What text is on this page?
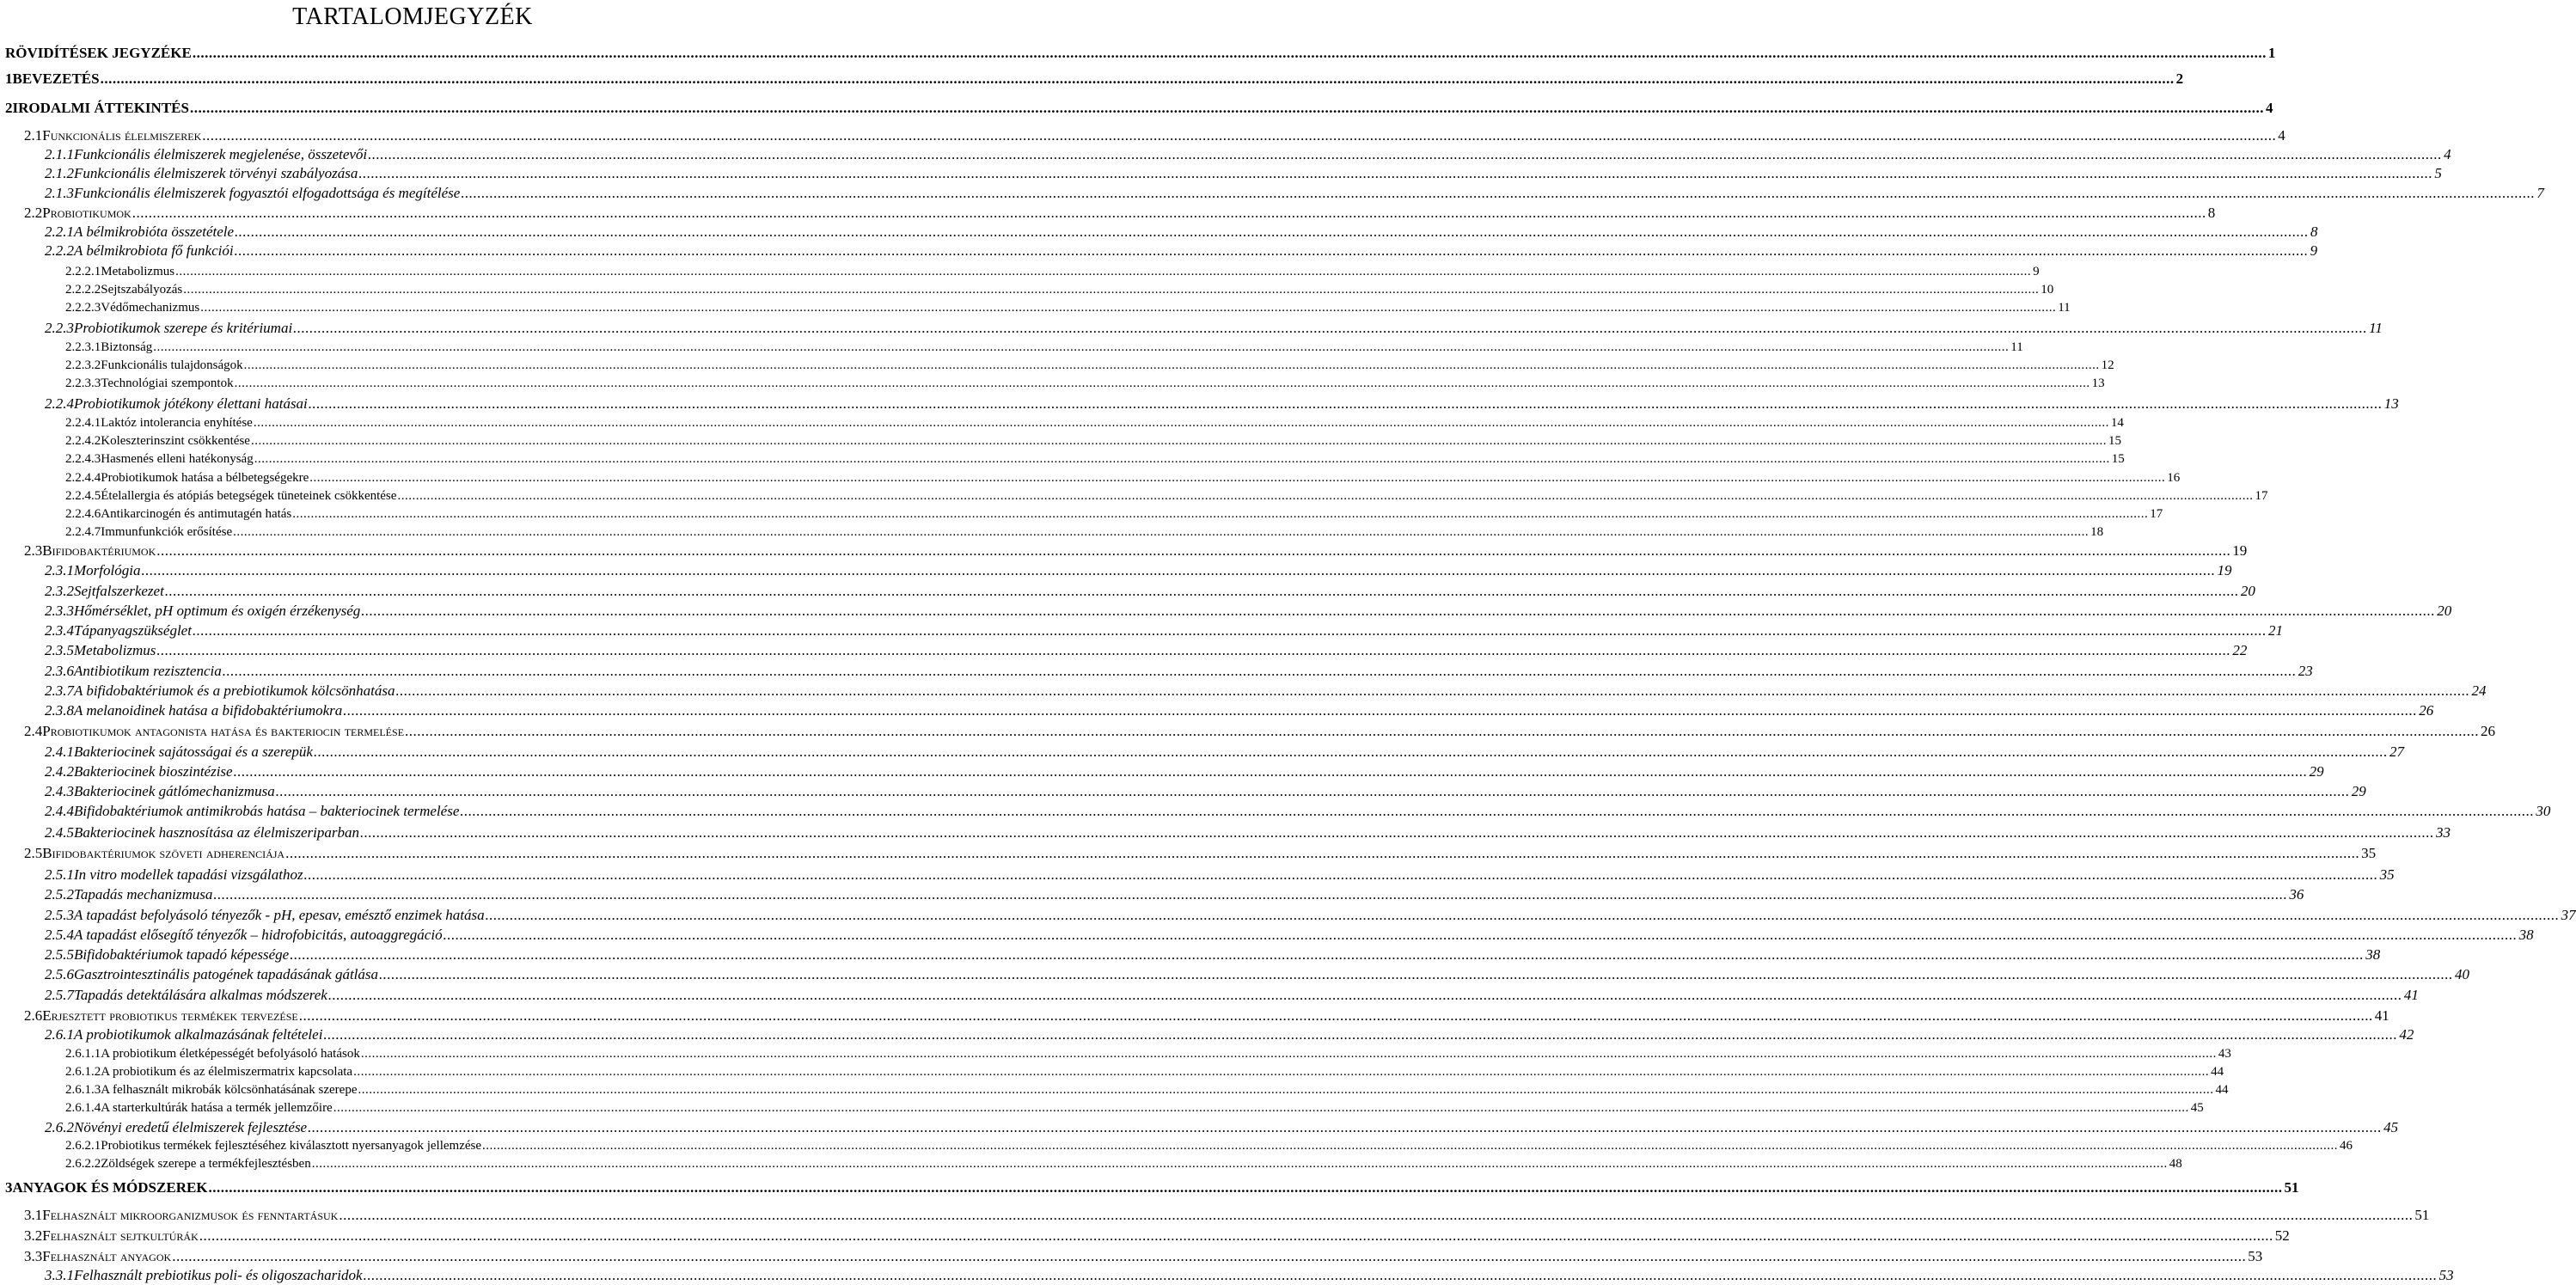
TARTALOMJEGYZÉK
RÖVIDÍTÉSEK JEGYZÉKE .....	1
1 BEVEZETÉS .....	2
2 IRODALMI ÁTTEKINTÉS .....	4
2.1 Funkcionális élelmiszerek .....	4
2.1.1 Funkcionális élelmiszerek megjelenése, összetevői .....	4
2.1.2 Funkcionális élelmiszerek törvényi szabályozása .....	5
2.1.3 Funkcionális élelmiszerek fogyasztói elfogadottsága és megítélése .....	7
2.2 Probiotikumok .....	8
2.2.1 A bélmikrobióta összetétele .....	8
2.2.2 A bélmikrobiota fő funkciói .....	9
2.2.2.1 Metabolizmus .....	9
2.2.2.2 Sejtszabályozás .....	10
2.2.2.3 Védőmechanizmus .....	11
2.2.3 Probiotikumok szerepe és kritériumai .....	11
2.2.3.1 Biztonság .....	11
2.2.3.2 Funkcionális tulajdonságok .....	12
2.2.3.3 Technológiai szempontok .....	13
2.2.4 Probiotikumok jótékony élettani hatásai .....	13
2.2.4.1 Laktóz intolerancia enyhítése .....	14
2.2.4.2 Koleszterinszint csökkentése .....	15
2.2.4.3 Hasmenés elleni hatékonyság .....	15
2.2.4.4 Probiotikumok hatása a bélbetegségekre .....	16
2.2.4.5 Ételallergia és atópiás betegségek tüneteinek csökkentése .....	17
2.2.4.6 Antikarcinogén és antimutagén hatás .....	17
2.2.4.7 Immunfunkciók erősítése .....	18
2.3 Bifidobaktériumok .....	19
2.3.1 Morfológia .....	19
2.3.2 Sejtfalszerkezet .....	20
2.3.3 Hőmérséklet, pH optimum és oxigén érzékenység .....	20
2.3.4 Tápanyagszükséglet .....	21
2.3.5 Metabolizmus .....	22
2.3.6 Antibiotikum rezisztencia .....	23
2.3.7 A bifidobaktériumok és a prebiotikumok kölcsönhatása .....	24
2.3.8 A melanoidinek hatása a bifidobaktériumokra .....	26
2.4 Probiotikumok antagonista hatása és bakteriocin termelése .....	26
2.4.1 Bakteriocinek sajátosságai és a szerepük .....	27
2.4.2 Bakteriocinek bioszintézise .....	29
2.4.3 Bakteriocinek gátlómechanizmusa .....	29
2.4.4 Bifidobaktériumok antimikrobás hatása – bakteriocinek termelése .....	30
2.4.5 Bakteriocinek hasznosítása az élelmiszeriparban .....	33
2.5 Bifidobaktériumok szöveti adherenciája .....	35
2.5.1 In vitro modellek tapadási vizsgálathoz .....	35
2.5.2 Tapadás mechanizmusa .....	36
2.5.3 A tapadást befolyásoló tényezők - pH, epesav, emésztő enzimek hatása .....	37
2.5.4 A tapadást elősegítő tényezők – hidrofobicitás, autoaggregáció .....	38
2.5.5 Bifidobaktériumok tapadó képessége .....	38
2.5.6 Gasztrointesztinális patogének tapadásának gátlása .....	40
2.5.7 Tapadás detektálására alkalmas módszerek .....	41
2.6 Erjesztett probiotikus termékek tervezése .....	41
2.6.1 A probiotikumok alkalmazásának feltételei .....	42
2.6.1.1 A probiotikum életképességét befolyásoló hatások .....	43
2.6.1.2 A probiotikum és az élelmiszermatrix kapcsolata .....	44
2.6.1.3 A felhasznált mikrobák kölcsönhatásának szerepe .....	44
2.6.1.4 A starterkultúrák hatása a termék jellemzőire .....	45
2.6.2 Növényi eredetű élelmiszerek fejlesztése .....	45
2.6.2.1 Probiotikus termékek fejlesztéséhez kiválasztott nyersanyagok jellemzése .....	46
2.6.2.2 Zöldségek szerepe a termékfejlesztésben .....	48
3 ANYAGOK ÉS MÓDSZEREK .....	51
3.1 Felhasznált mikroorganizmusok és fenntartásuk .....	51
3.2 Felhasznált sejtkultúrák .....	52
3.3 Felhasznált anyagok .....	53
3.3.1 Felhasznált prebiotikus poli- és oligoszacharidok .....	53
